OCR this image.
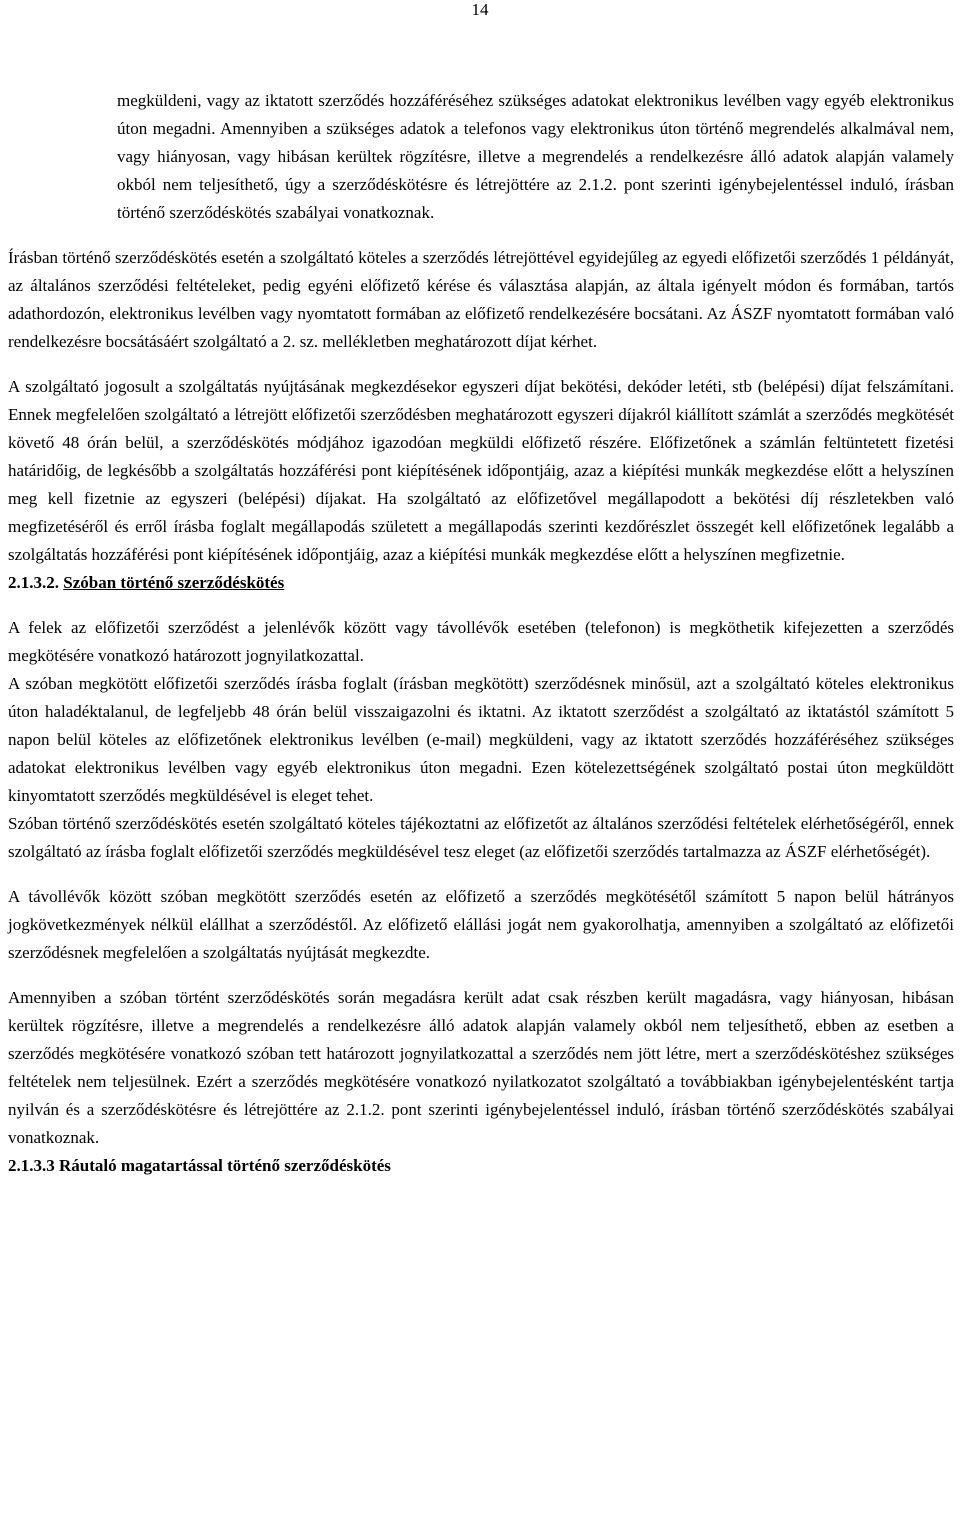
14

megküldeni, vagy az iktatott szerződés hozzáféréséhez szükséges adatokat elektronikus levélben vagy egyéb elektronikus úton megadni. Amennyiben a szükséges adatok a telefonos vagy elektronikus úton történő megrendelés alkalmával nem, vagy hiányosan, vagy hibásan kerültek rögzítésre, illetve a megrendelés a rendelkezésre álló adatok alapján valamely okból nem teljesíthető, úgy a szerződéskötésre és létrejöttére az 2.1.2. pont szerinti igénybejelentéssel induló, írásban történő szerződéskötés szabályai vonatkoznak.

Írásban történő szerződéskötés esetén a szolgáltató köteles a szerződés létrejöttével egyidejűleg az egyedi előfizetői szerződés 1 példányát, az általános szerződési feltételeket, pedig egyéni előfizető kérése és választása alapján, az általa igényelt módon és formában, tartós adathordozón, elektronikus levélben vagy nyomtatott formában az előfizető rendelkezésére bocsátani. Az ÁSZF nyomtatott formában való rendelkezésre bocsátásáért szolgáltató a 2. sz. mellékletben meghatározott díjat kérhet.

A szolgáltató jogosult a szolgáltatás nyújtásának megkezdésekor egyszeri díjat bekötési, dekóder letéti, stb (belépési) díjat felszámítani. Ennek megfelelően szolgáltató a létrejött előfizetői szerződésben meghatározott egyszeri díjakról kiállított számlát a szerződés megkötését követő 48 órán belül, a szerződéskötés módjához igazodóan megküldi előfizető részére. Előfizetőnek a számlán feltüntetett fizetési határidőig, de legkésőbb a szolgáltatás hozzáférési pont kiépítésének időpontjáig, azaz a kiépítési munkák megkezdése előtt a helyszínen meg kell fizetnie az egyszeri (belépési) díjakat. Ha szolgáltató az előfizetővel megállapodott a bekötési díj részletekben való megfizetéséről és erről írásba foglalt megállapodás született a megállapodás szerinti kezdőrészlet összegét kell előfizetőnek legalább a szolgáltatás hozzáférési pont kiépítésének időpontjáig, azaz a kiépítési munkák megkezdése előtt a helyszínen megfizetnie.

2.1.3.2. Szóban történő szerződéskötés

A felek az előfizetői szerződést a jelenlévők között vagy távollévők esetében (telefonon) is megköthetik kifejezetten a szerződés megkötésére vonatkozó határozott jognyilatkozattal.

A szóban megkötött előfizetői szerződés írásba foglalt (írásban megkötött) szerződésnek minősül, azt a szolgáltató köteles elektronikus úton haladéktalanul, de legfeljebb 48 órán belül visszaigazolni és iktatni. Az iktatott szerződést a szolgáltató az iktatástól számított 5 napon belül köteles az előfizetőnek elektronikus levélben (e-mail) megküldeni, vagy az iktatott szerződés hozzáféréséhez szükséges adatokat elektronikus levélben vagy egyéb elektronikus úton megadni. Ezen kötelezettségének szolgáltató postai úton megküldött kinyomtatott szerződés megküldésével is eleget tehet.

Szóban történő szerződéskötés esetén szolgáltató köteles tájékoztatni az előfizetőt az általános szerződési feltételek elérhetőségéről, ennek szolgáltató az írásba foglalt előfizetői szerződés megküldésével tesz eleget (az előfizetői szerződés tartalmazza az ÁSZF elérhetőségét).

A távollévők között szóban megkötött szerződés esetén az előfizető a szerződés megkötésétől számított 5 napon belül hátrányos jogkövetkezmények nélkül elállhat a szerződéstől. Az előfizető elállási jogát nem gyakorolhatja, amennyiben a szolgáltató az előfizetői szerződésnek megfelelően a szolgáltatás nyújtását megkezdte.

Amennyiben a szóban történt szerződéskötés során megadásra került adat csak részben került magadásra, vagy hiányosan, hibásan kerültek rögzítésre, illetve a megrendelés a rendelkezésre álló adatok alapján valamely okból nem teljesíthető, ebben az esetben a szerződés megkötésére vonatkozó szóban tett határozott jognyilatkozattal a szerződés nem jött létre, mert a szerződéskötéshez szükséges feltételek nem teljesülnek. Ezért a szerződés megkötésére vonatkozó nyilatkozatot szolgáltató a továbbiakban igénybejelentésként tartja nyilván és a szerződéskötésre és létrejöttére az 2.1.2. pont szerinti igénybejelentéssel induló, írásban történő szerződéskötés szabályai vonatkoznak.

2.1.3.3 Ráutaló magatartással történő szerződéskötés
